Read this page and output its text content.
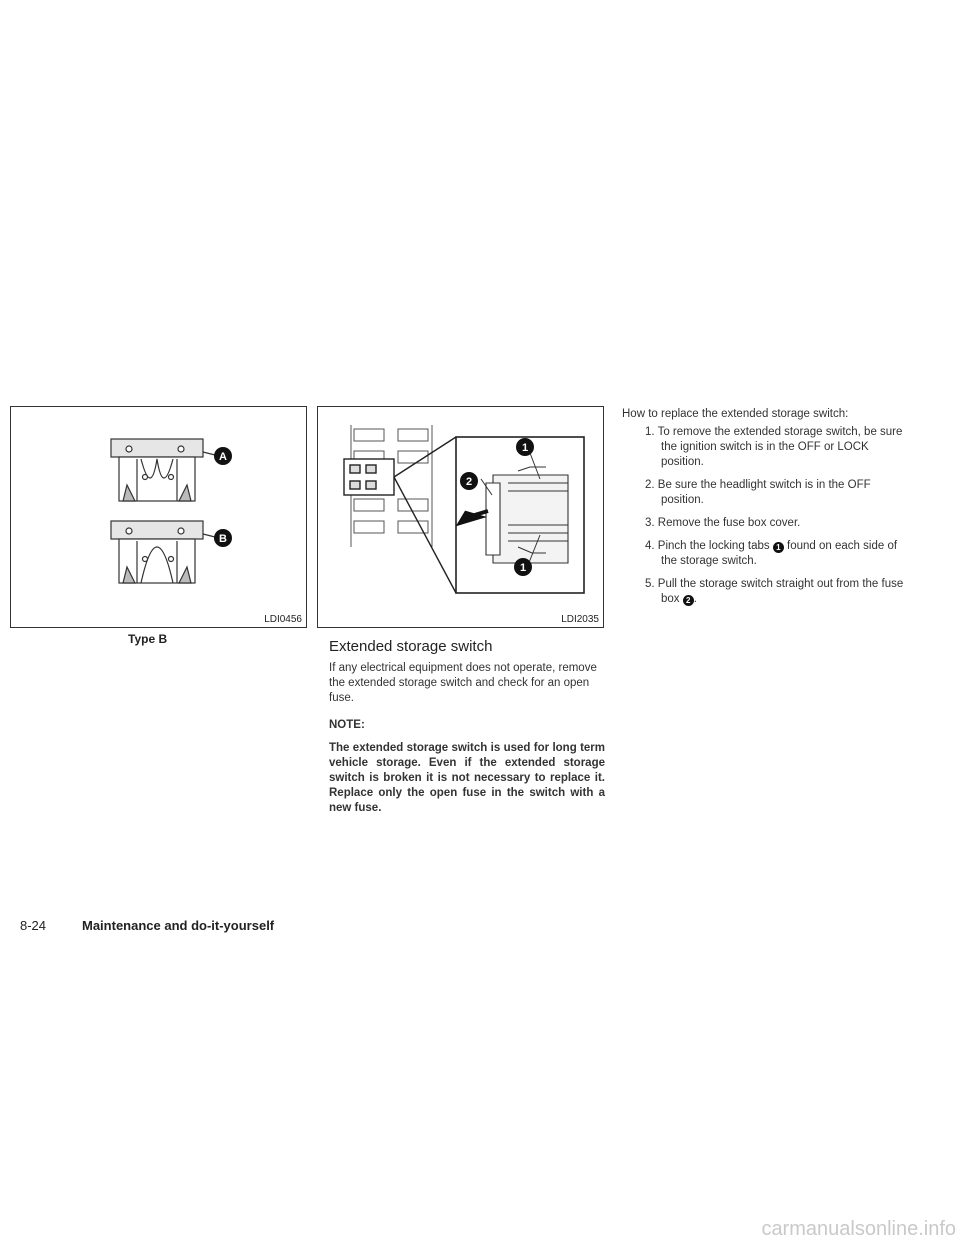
A
B
LDI0456
Type B
1
2
1
LDI2035
Extended storage switch
If any electrical equipment does not operate, remove the extended storage switch and check for an open fuse.
NOTE:
The extended storage switch is used for long term vehicle storage. Even if the extended storage switch is broken it is not necessary to replace it. Replace only the open fuse in the switch with a new fuse.

How to replace the extended storage switch:

1. To remove the extended storage switch, be sure the ignition switch is in the OFF or LOCK position.

2. Be sure the headlight switch is in the OFF position.

3. Remove the fuse box cover.

4. Pinch the locking tabs 1 found on each side of the storage switch.

5. Pull the storage switch straight out from the fuse box 2 .

8-24	Maintenance and do-it-yourself
carmanualsonline.info
